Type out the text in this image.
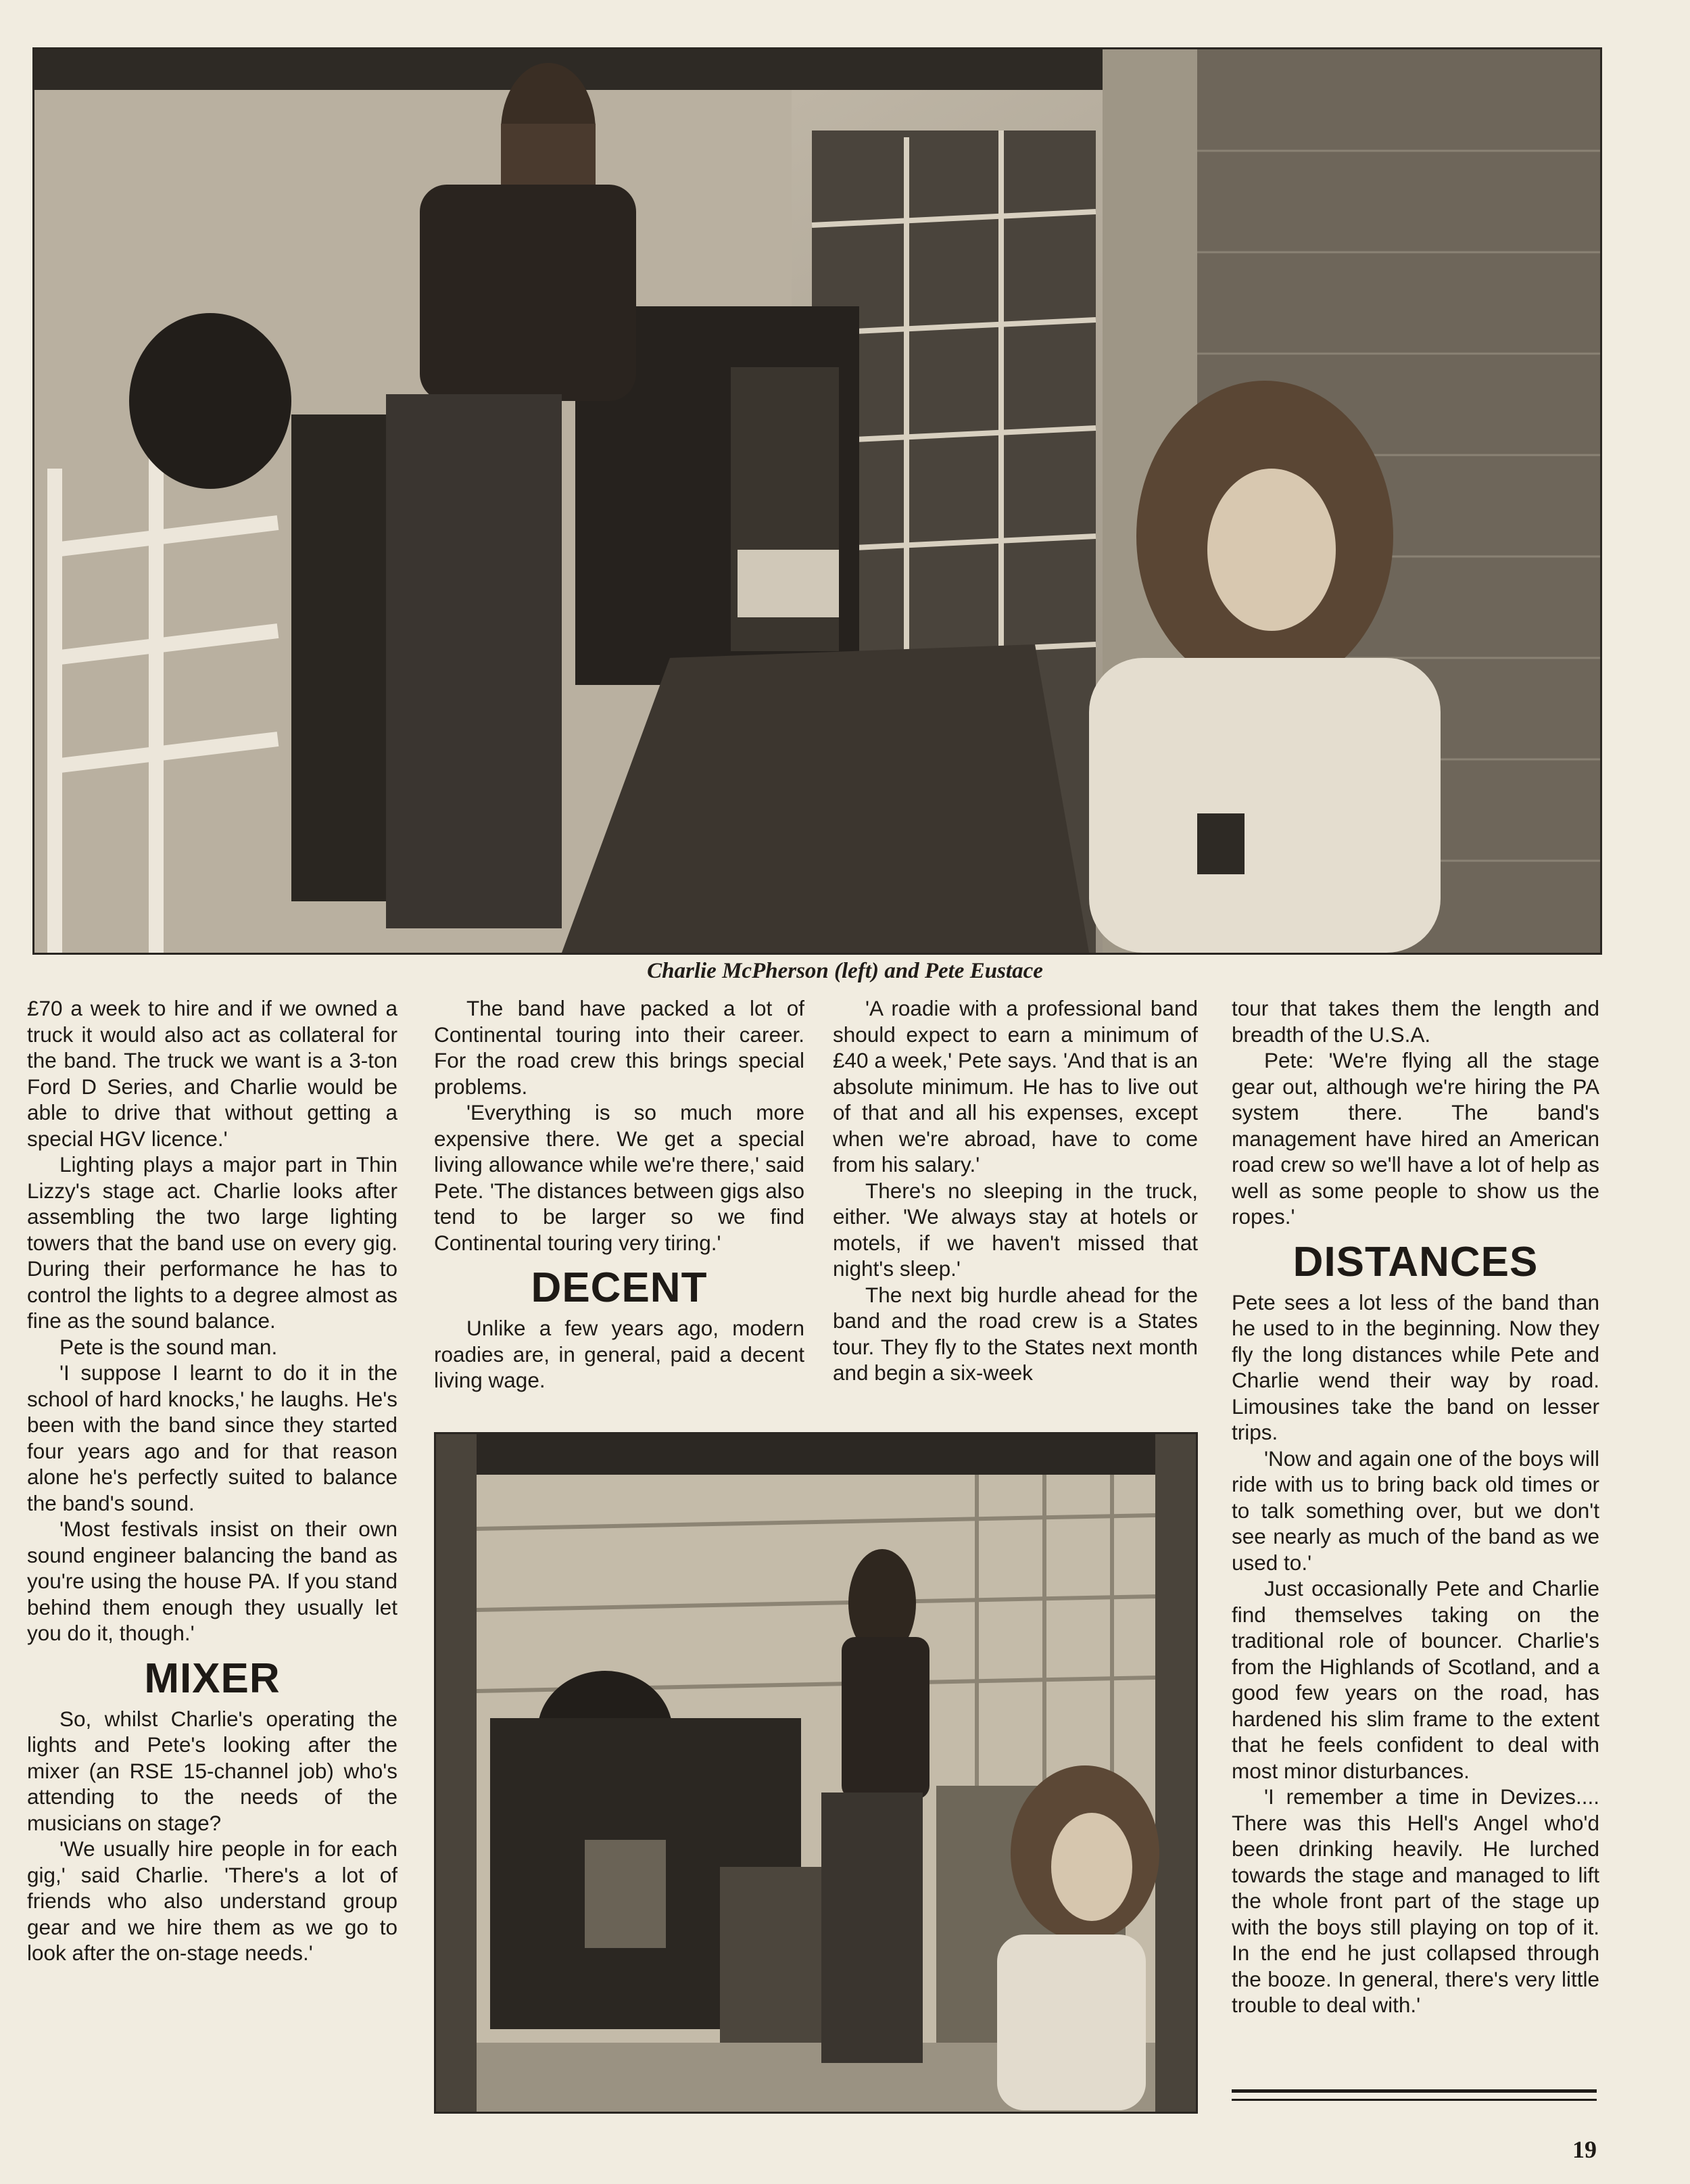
Charlie McPherson (left) and Pete Eustace

£70 a week to hire and if we owned a truck it would also act as collateral for the band. The truck we want is a 3-ton Ford D Series, and Charlie would be able to drive that without getting a special HGV licence.'

Lighting plays a major part in Thin Lizzy's stage act. Charlie looks after assembling the two large lighting towers that the band use on every gig. During their performance he has to control the lights to a degree almost as fine as the sound balance.

Pete is the sound man.

'I suppose I learnt to do it in the school of hard knocks,' he laughs. He's been with the band since they started four years ago and for that reason alone he's perfectly suited to balance the band's sound.

'Most festivals insist on their own sound engineer balancing the band as you're using the house PA. If you stand behind them enough they usually let you do it, though.'

MIXER

So, whilst Charlie's operating the lights and Pete's looking after the mixer (an RSE 15-channel job) who's attending to the needs of the musicians on stage?

'We usually hire people in for each gig,' said Charlie. 'There's a lot of friends who also understand group gear and we hire them as we go to look after the on-stage needs.'

The band have packed a lot of Continental touring into their career. For the road crew this brings special problems.

'Everything is so much more expensive there. We get a special living allowance while we're there,' said Pete. 'The distances between gigs also tend to be larger so we find Continental touring very tiring.'

DECENT

Unlike a few years ago, modern roadies are, in general, paid a decent living wage.

'A roadie with a professional band should expect to earn a minimum of £40 a week,' Pete says. 'And that is an absolute minimum. He has to live out of that and all his expenses, except when we're abroad, have to come from his salary.'

There's no sleeping in the truck, either. 'We always stay at hotels or motels, if we haven't missed that night's sleep.'

The next big hurdle ahead for the band and the road crew is a States tour. They fly to the States next month and begin a six-week

tour that takes them the length and breadth of the U.S.A.

Pete: 'We're flying all the stage gear out, although we're hiring the PA system there. The band's management have hired an American road crew so we'll have a lot of help as well as some people to show us the ropes.'

DISTANCES

Pete sees a lot less of the band than he used to in the beginning. Now they fly the long distances while Pete and Charlie wend their way by road. Limousines take the band on lesser trips.

'Now and again one of the boys will ride with us to bring back old times or to talk something over, but we don't see nearly as much of the band as we used to.'

Just occasionally Pete and Charlie find themselves taking on the traditional role of bouncer. Charlie's from the Highlands of Scotland, and a good few years on the road, has hardened his slim frame to the extent that he feels confident to deal with most minor disturbances.

'I remember a time in Devizes.... There was this Hell's Angel who'd been drinking heavily. He lurched towards the stage and managed to lift the whole front part of the stage up with the boys still playing on top of it. In the end he just collapsed through the booze. In general, there's very little trouble to deal with.'

19
